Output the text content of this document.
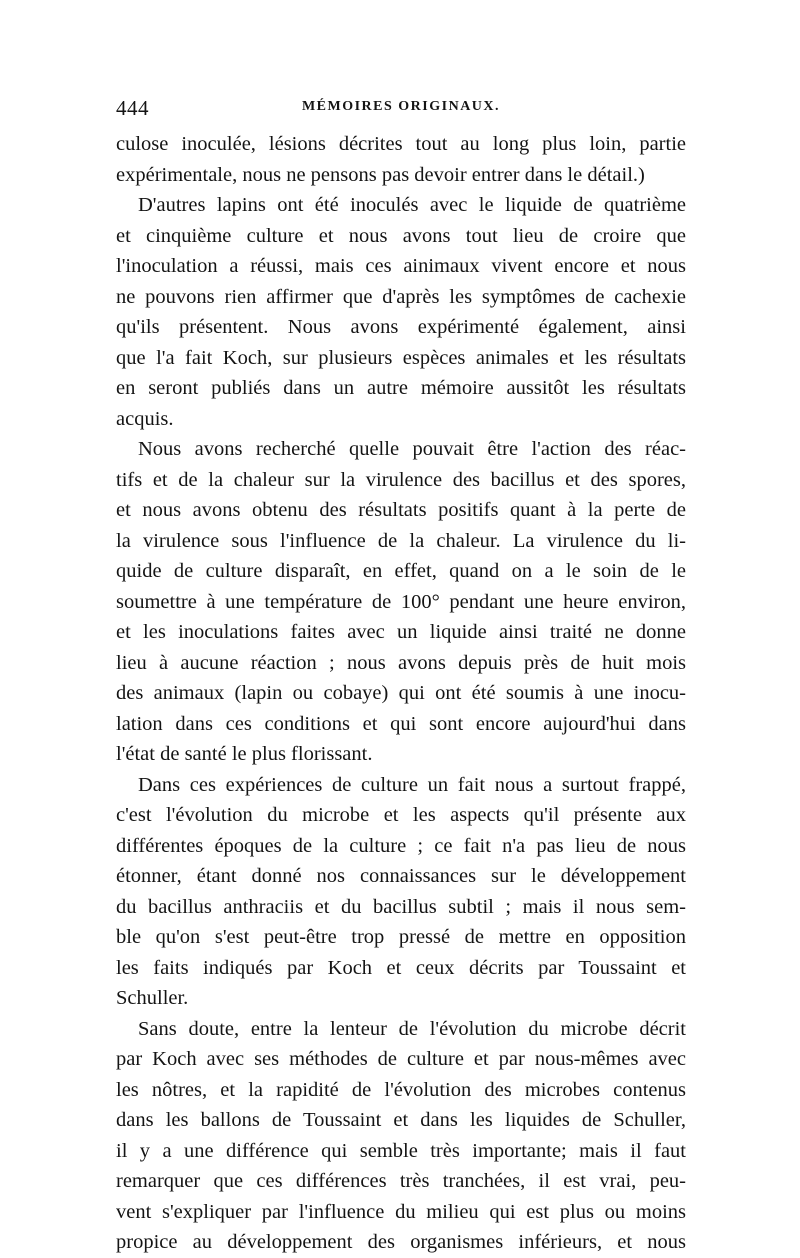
444	MÉMOIRES ORIGINAUX.
culose inoculée, lésions décrites tout au long plus loin, partie
expérimentale, nous ne pensons pas devoir entrer dans le détail.)
D'autres lapins ont été inoculés avec le liquide de quatrième
et cinquième culture et nous avons tout lieu de croire que
l'inoculation a réussi, mais ces ainimaux vivent encore et nous
ne pouvons rien affirmer que d'après les symptômes de cachexie
qu'ils présentent. Nous avons expérimenté également, ainsi
que l'a fait Koch, sur plusieurs espèces animales et les résultats
en seront publiés dans un autre mémoire aussitôt les résultats
acquis.
Nous avons recherché quelle pouvait être l'action des réac-
tifs et de la chaleur sur la virulence des bacillus et des spores,
et nous avons obtenu des résultats positifs quant à la perte de
la virulence sous l'influence de la chaleur. La virulence du li-
quide de culture disparaît, en effet, quand on a le soin de le
soumettre à une température de 100° pendant une heure environ,
et les inoculations faites avec un liquide ainsi traité ne donne
lieu à aucune réaction ; nous avons depuis près de huit mois
des animaux (lapin ou cobaye) qui ont été soumis à une inocu-
lation dans ces conditions et qui sont encore aujourd'hui dans
l'état de santé le plus florissant.
Dans ces expériences de culture un fait nous a surtout frappé,
c'est l'évolution du microbe et les aspects qu'il présente aux
différentes époques de la culture ; ce fait n'a pas lieu de nous
étonner, étant donné nos connaissances sur le développement
du bacillus anthraciis et du bacillus subtil ; mais il nous sem-
ble qu'on s'est peut-être trop pressé de mettre en opposition
les faits indiqués par Koch et ceux décrits par Toussaint et
Schuller.
Sans doute, entre la lenteur de l'évolution du microbe décrit
par Koch avec ses méthodes de culture et par nous-mêmes avec
les nôtres, et la rapidité de l'évolution des microbes contenus
dans les ballons de Toussaint et dans les liquides de Schuller,
il y a une différence qui semble très importante; mais il faut
remarquer que ces différences très tranchées, il est vrai, peu-
vent s'expliquer par l'influence du milieu qui est plus ou moins
propice au développement des organismes inférieurs, et nous
